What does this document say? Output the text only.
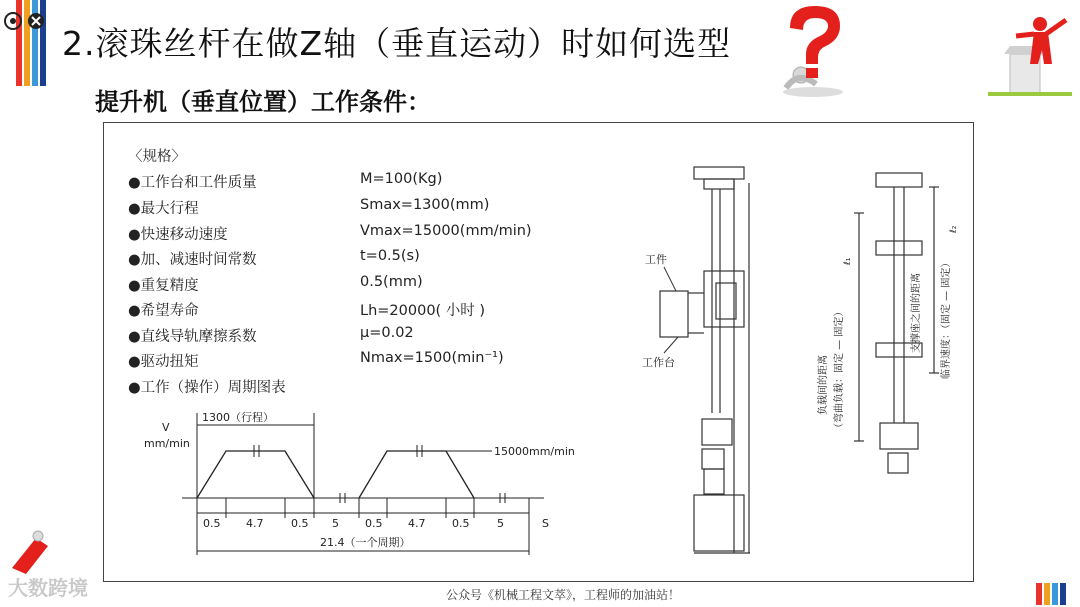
2.滚珠丝杆在做Z轴（垂直运动）时如何选型
提升机（垂直位置）工作条件：
〈规格〉
●工作台和工件质量	M=100(Kg)
●最大行程	Smax=1300(mm)
●快速移动速度	Vmax=15000(mm/min)
●加、减速时间常数	t=0.5(s)
●重复精度	0.5(mm)
●希望寿命	Lh=20000( 小时 )
●直线导轨摩擦系数	μ=0.02
●驱动扭矩	Nmax=1500(min⁻¹)
●工作（操作）周期图表
V
mm/min
1300（行程）
15000mm/min
0.5 4.7	0.5 5 0.5 4.7 0.5	5	S
21.4（一个周期）
工件
工作台	负载间的距离 （弯曲负载：固定 — 固定）
ℓ₁
支撑座之间的距离 临界速度：（固定 — 固定）
ℓ₂
大数跨境	公众号《机械工程文萃》，工程师的加油站！
